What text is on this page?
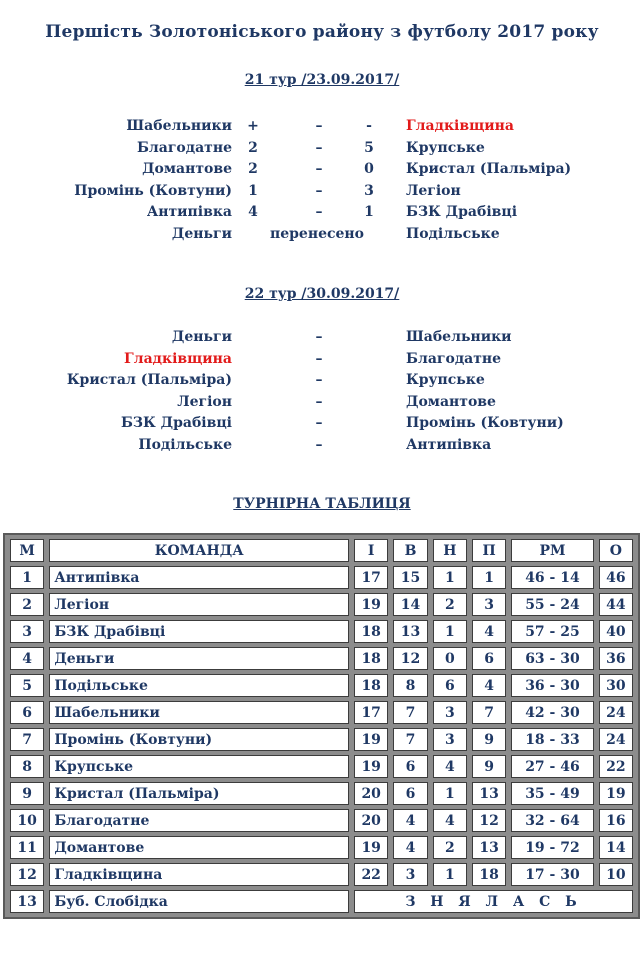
Першість Золотоніського району з футболу 2017 року
21 тур /23.09.2017/
Шабельники +	–	- Гладківщина
Благодатне 2	–	5 Крупське
Домантове 2	–	0 Кристал (Пальміра)
Промінь (Ковтуни) 1	–	3 Легіон
Антипівка 4	–	1 БЗК Драбівці
Деньги	перенесено	Подільське
22 тур /30.09.2017/
Деньги	–	Шабельники
Гладківщина	–	Благодатне
Кристал (Пальміра)	–	Крупське
Легіон	–	Домантове
БЗК Драбівці	–	Промінь (Ковтуни)
Подільське	–	Антипівка
ТУРНІРНА ТАБЛИЦЯ
М	КОМАНДА	І	В	Н	П	РМ	О
1	Антипівка	17	15	1	1	46 - 14	46
2	Легіон	19	14	2	3	55 - 24	44
3	БЗК Драбівці	18	13	1	4	57 - 25	40
4	Деньги	18	12	0	6	63 - 30	36
5	Подільське	18	8	6	4	36 - 30	30
6	Шабельники	17	7	3	7	42 - 30	24
7	Промінь (Ковтуни)	19	7	3	9	18 - 33	24
8	Крупське	19	6	4	9	27 - 46	22
9	Кристал (Пальміра)	20	6	1	13	35 - 49	19
10	Благодатне	20	4	4	12	32 - 64	16
11	Домантове	19	4	2	13	19 - 72	14
12	Гладківщина	22	3	1	18	17 - 30	10
13	Буб. Слобідка	З Н Я Л А С Ь					
